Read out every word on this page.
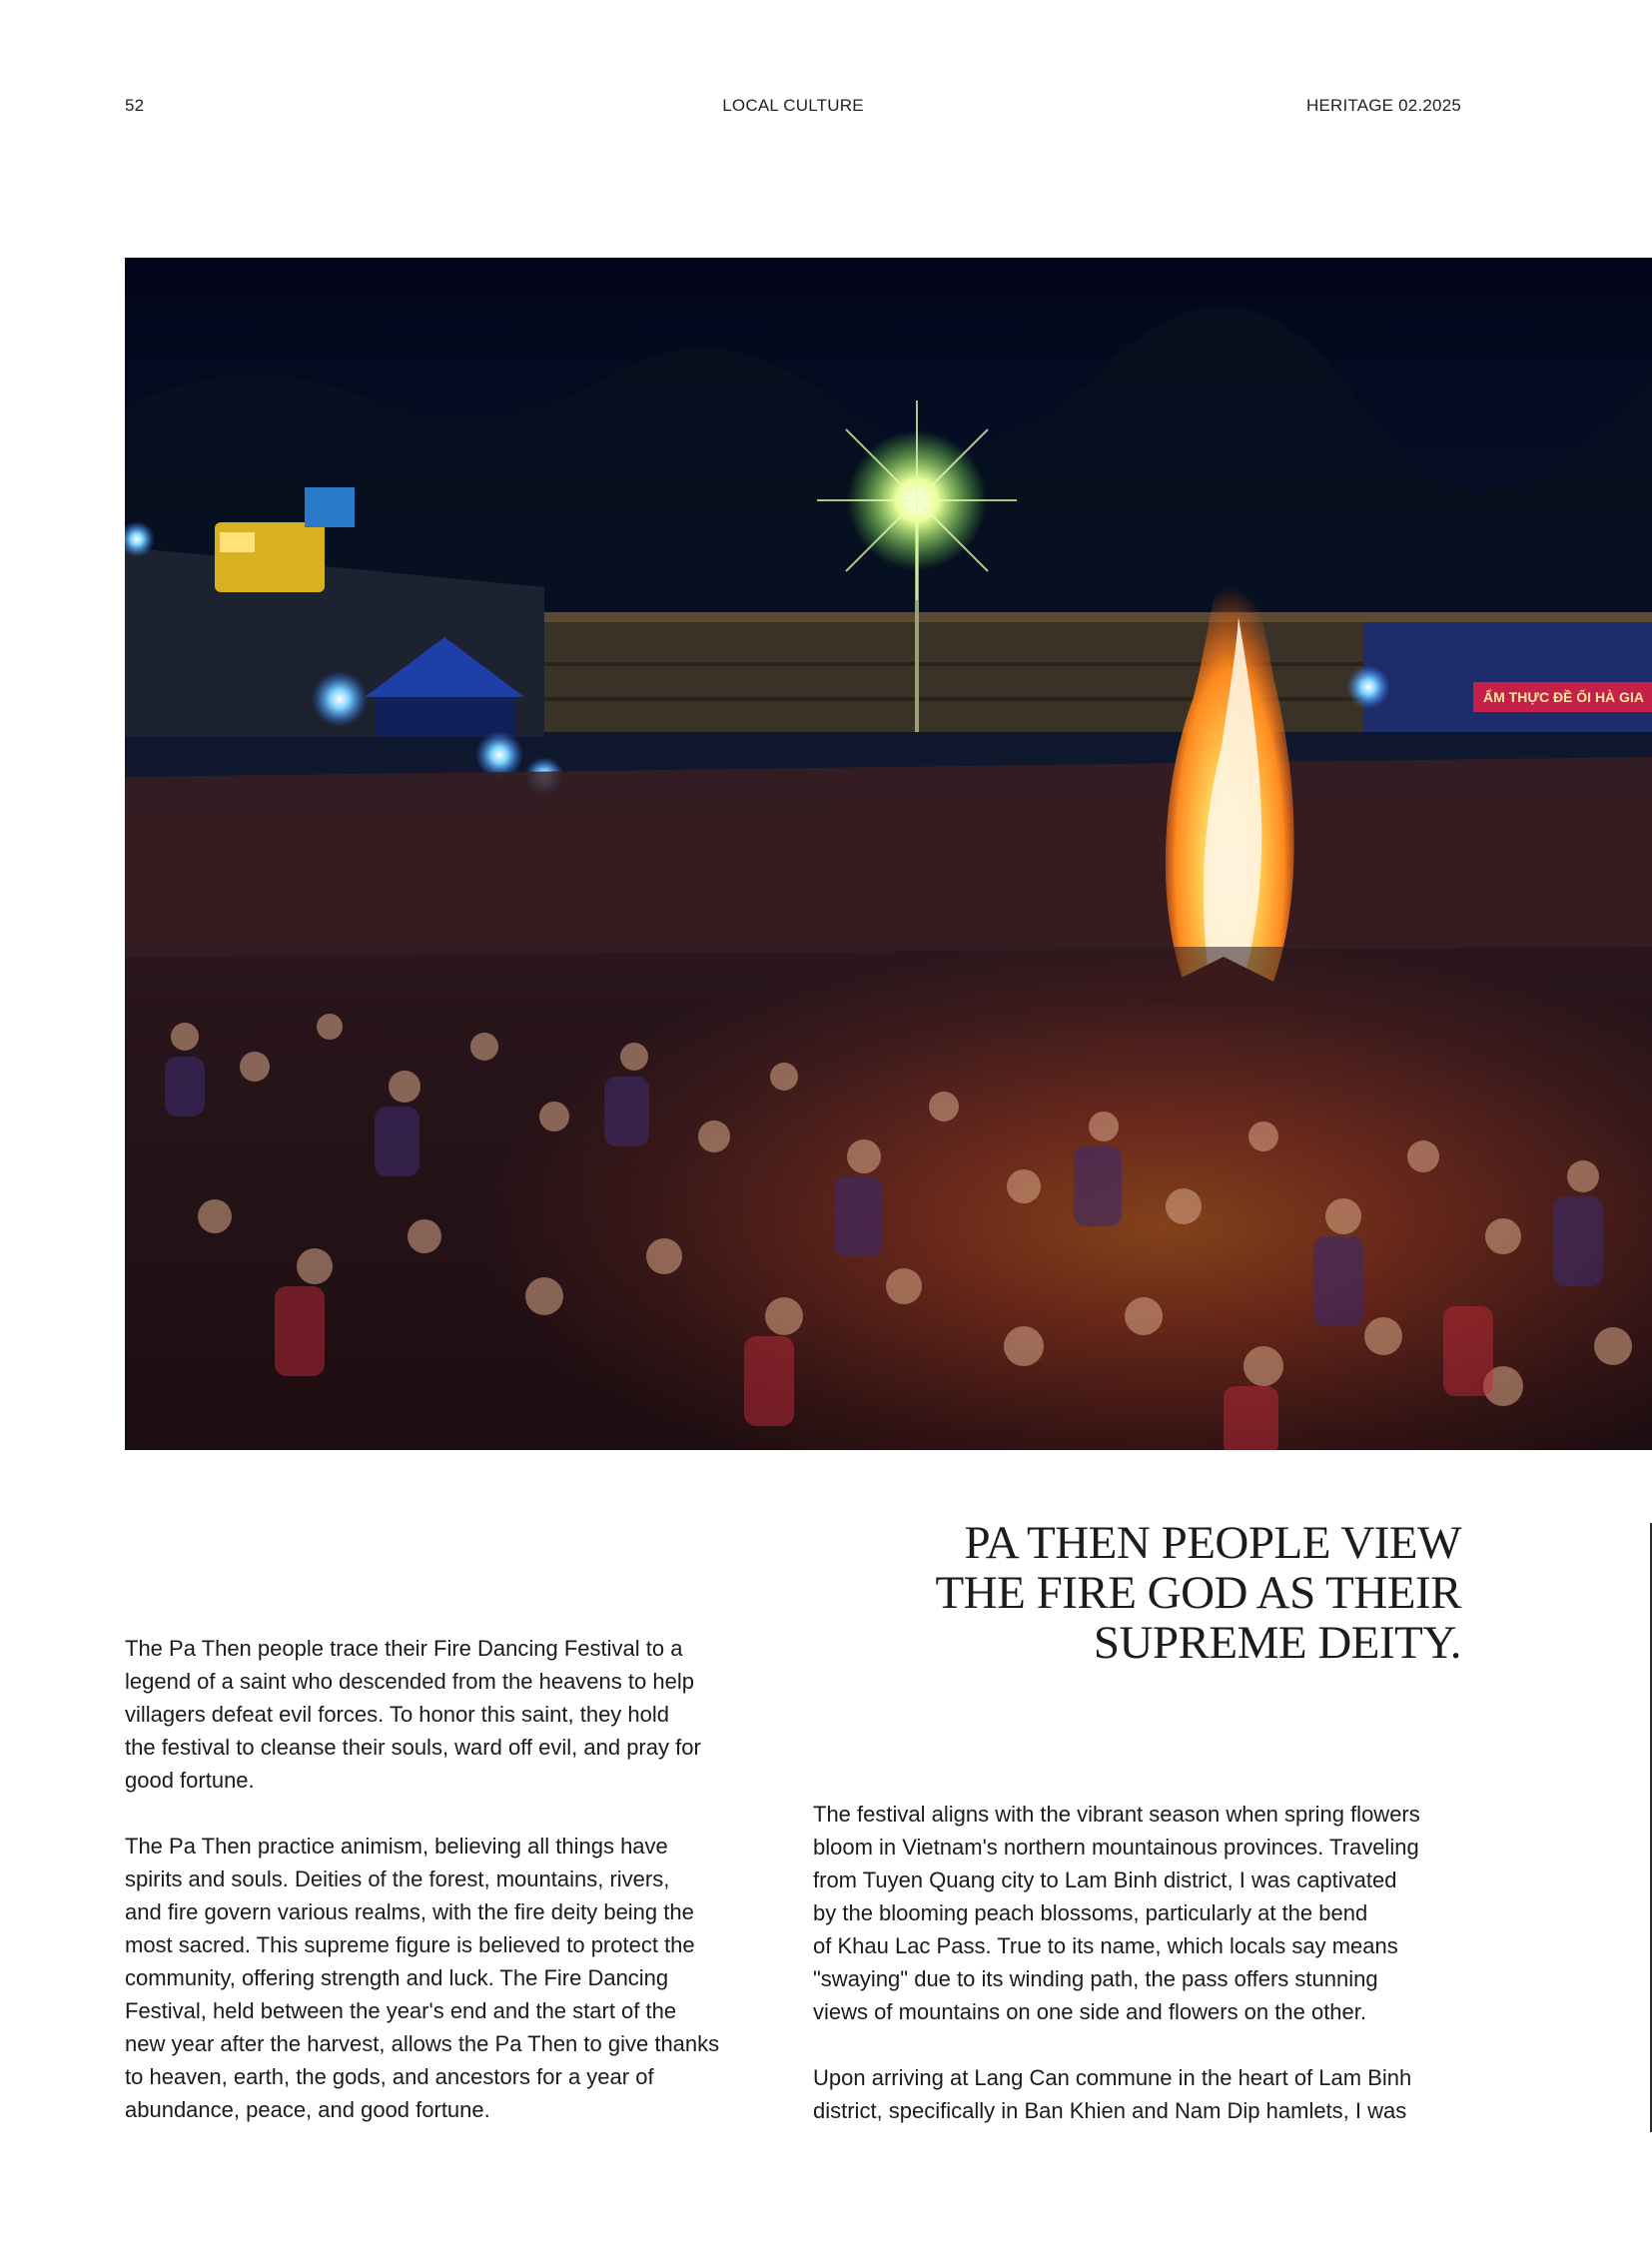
52	LOCAL CULTURE	HERITAGE 02.2025
ẨM THỰC ĐỀ ỐI HÀ GIA
PA THEN PEOPLE VIEW
THE FIRE GOD AS THEIR
SUPREME DEITY.

The Pa Then people trace their Fire Dancing Festival to a
legend of a saint who descended from the heavens to help
villagers defeat evil forces. To honor this saint, they hold
the festival to cleanse their souls, ward off evil, and pray for
good fortune.

The Pa Then practice animism, believing all things have
spirits and souls. Deities of the forest, mountains, rivers,
and fire govern various realms, with the fire deity being the
most sacred. This supreme figure is believed to protect the
community, offering strength and luck. The Fire Dancing
Festival, held between the year's end and the start of the
new year after the harvest, allows the Pa Then to give thanks
to heaven, earth, the gods, and ancestors for a year of
abundance, peace, and good fortune.

The festival aligns with the vibrant season when spring flowers
bloom in Vietnam's northern mountainous provinces. Traveling
from Tuyen Quang city to Lam Binh district, I was captivated
by the blooming peach blossoms, particularly at the bend
of Khau Lac Pass. True to its name, which locals say means
"swaying" due to its winding path, the pass offers stunning
views of mountains on one side and flowers on the other.

Upon arriving at Lang Can commune in the heart of Lam Binh
district, specifically in Ban Khien and Nam Dip hamlets, I was
